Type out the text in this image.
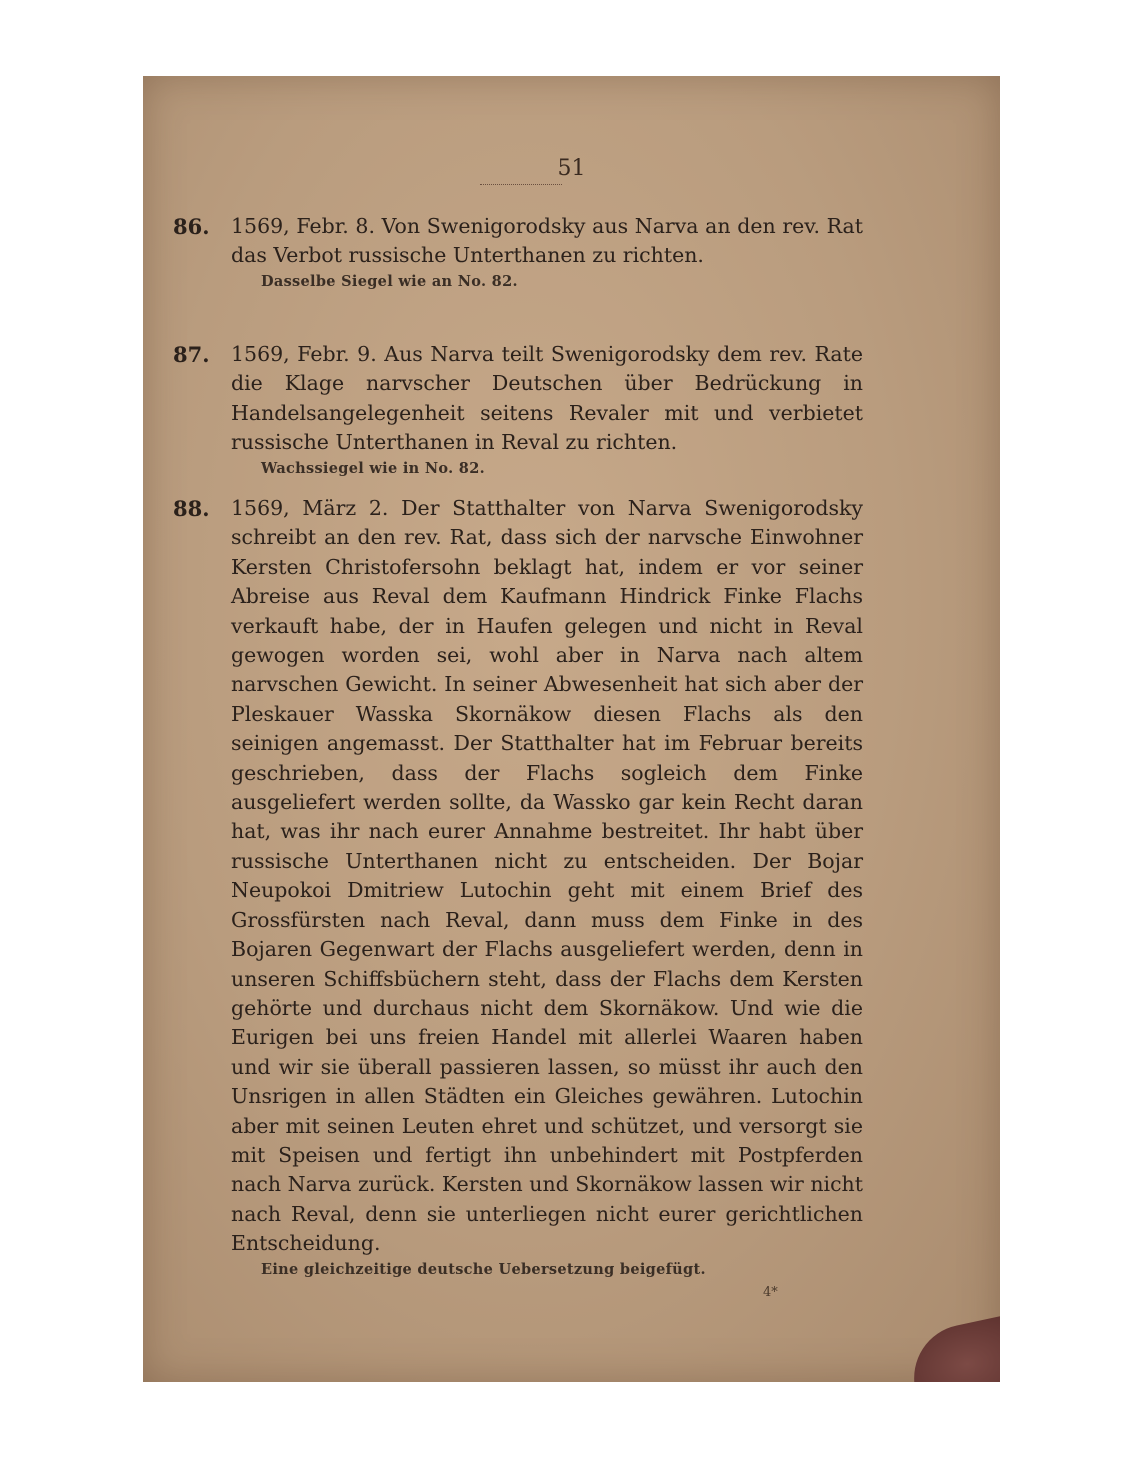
51
86. 1569, Febr. 8. Von Swenigorodsky aus Narva an den rev. Rat das Verbot russische Unterthanen zu richten.
Dasselbe Siegel wie an No. 82.
87. 1569, Febr. 9. Aus Narva teilt Swenigorodsky dem rev. Rate die Klage narvscher Deutschen über Bedrückung in Handelsangelegenheit seitens Revaler mit und verbietet russische Unterthanen in Reval zu richten.
Wachssiegel wie in No. 82.
88. 1569, März 2. Der Statthalter von Narva Swenigorodsky schreibt an den rev. Rat, dass sich der narvsche Einwohner Kersten Christofersohn beklagt hat, indem er vor seiner Abreise aus Reval dem Kaufmann Hindrick Finke Flachs verkauft habe, der in Haufen gelegen und nicht in Reval gewogen worden sei, wohl aber in Narva nach altem narvschen Gewicht. In seiner Abwesenheit hat sich aber der Pleskauer Wasska Skornäkow diesen Flachs als den seinigen angemasst. Der Statthalter hat im Februar bereits geschrieben, dass der Flachs sogleich dem Finke ausgeliefert werden sollte, da Wassko gar kein Recht daran hat, was ihr nach eurer Annahme bestreitet. Ihr habt über russische Unterthanen nicht zu entscheiden. Der Bojar Neupokoi Dmitriew Lutochin geht mit einem Brief des Grossfürsten nach Reval, dann muss dem Finke in des Bojaren Gegenwart der Flachs ausgeliefert werden, denn in unseren Schiffsbüchern steht, dass der Flachs dem Kersten gehörte und durchaus nicht dem Skornäkow. Und wie die Eurigen bei uns freien Handel mit allerlei Waaren haben und wir sie überall passieren lassen, so müsst ihr auch den Unsrigen in allen Städten ein Gleiches gewähren. Lutochin aber mit seinen Leuten ehret und schützet, und versorgt sie mit Speisen und fertigt ihn unbehindert mit Postpferden nach Narva zurück. Kersten und Skornäkow lassen wir nicht nach Reval, denn sie unterliegen nicht eurer gerichtlichen Entscheidung.
Eine gleichzeitige deutsche Uebersetzung beigefügt.
4*
